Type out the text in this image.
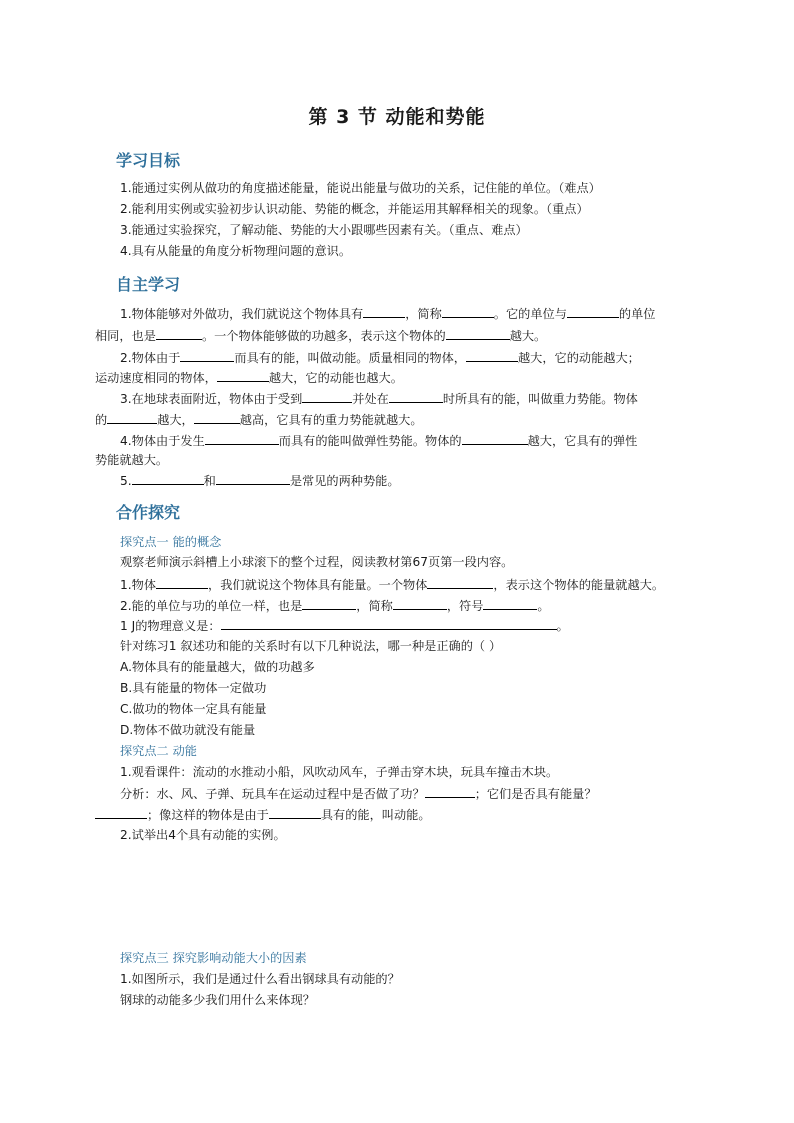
第 3 节 动能和势能
学习目标
1.能通过实例从做功的角度描述能量，能说出能量与做功的关系，记住能的单位。（难点）
2.能利用实例或实验初步认识动能、势能的概念，并能运用其解释相关的现象。（重点）
3.能通过实验探究，了解动能、势能的大小跟哪些因素有关。（重点、难点）
4.具有从能量的角度分析物理问题的意识。
自主学习
1.物体能够对外做功，我们就说这个物体具有	，简称	。它的单位与	的单位
相同，也是	。一个物体能够做的功越多，表示这个物体的	越大。
2.物体由于	而具有的能，叫做动能。质量相同的物体，	越大，它的动能越大；
运动速度相同的物体，	越大，它的动能也越大。
3.在地球表面附近，物体由于受到	并处在	时所具有的能，叫做重力势能。物体
的	越大，	越高，它具有的重力势能就越大。
4.物体由于发生	而具有的能叫做弹性势能。物体的	越大，它具有的弹性
势能就越大。
5.	和	是常见的两种势能。
合作探究
探究点一 能的概念
观察老师演示斜槽上小球滚下的整个过程，阅读教材第67页第一段内容。
1.物体	，我们就说这个物体具有能量。一个物体	，表示这个物体的能量就越大。
2.能的单位与功的单位一样，也是	，简称	，符号	。
1 J的物理意义是：	。
针对练习1 叙述功和能的关系时有以下几种说法，哪一种是正确的（ ）
A.物体具有的能量越大，做的功越多
B.具有能量的物体一定做功
C.做功的物体一定具有能量
D.物体不做功就没有能量
探究点二 动能
1.观看课件：流动的水推动小船，风吹动风车，子弹击穿木块，玩具车撞击木块。
分析：水、风、子弹、玩具车在运动过程中是否做了功？	；它们是否具有能量？
；像这样的物体是由于	具有的能，叫动能。
2.试举出4个具有动能的实例。
探究点三 探究影响动能大小的因素
1.如图所示，我们是通过什么看出钢球具有动能的？
钢球的动能多少我们用什么来体现？
